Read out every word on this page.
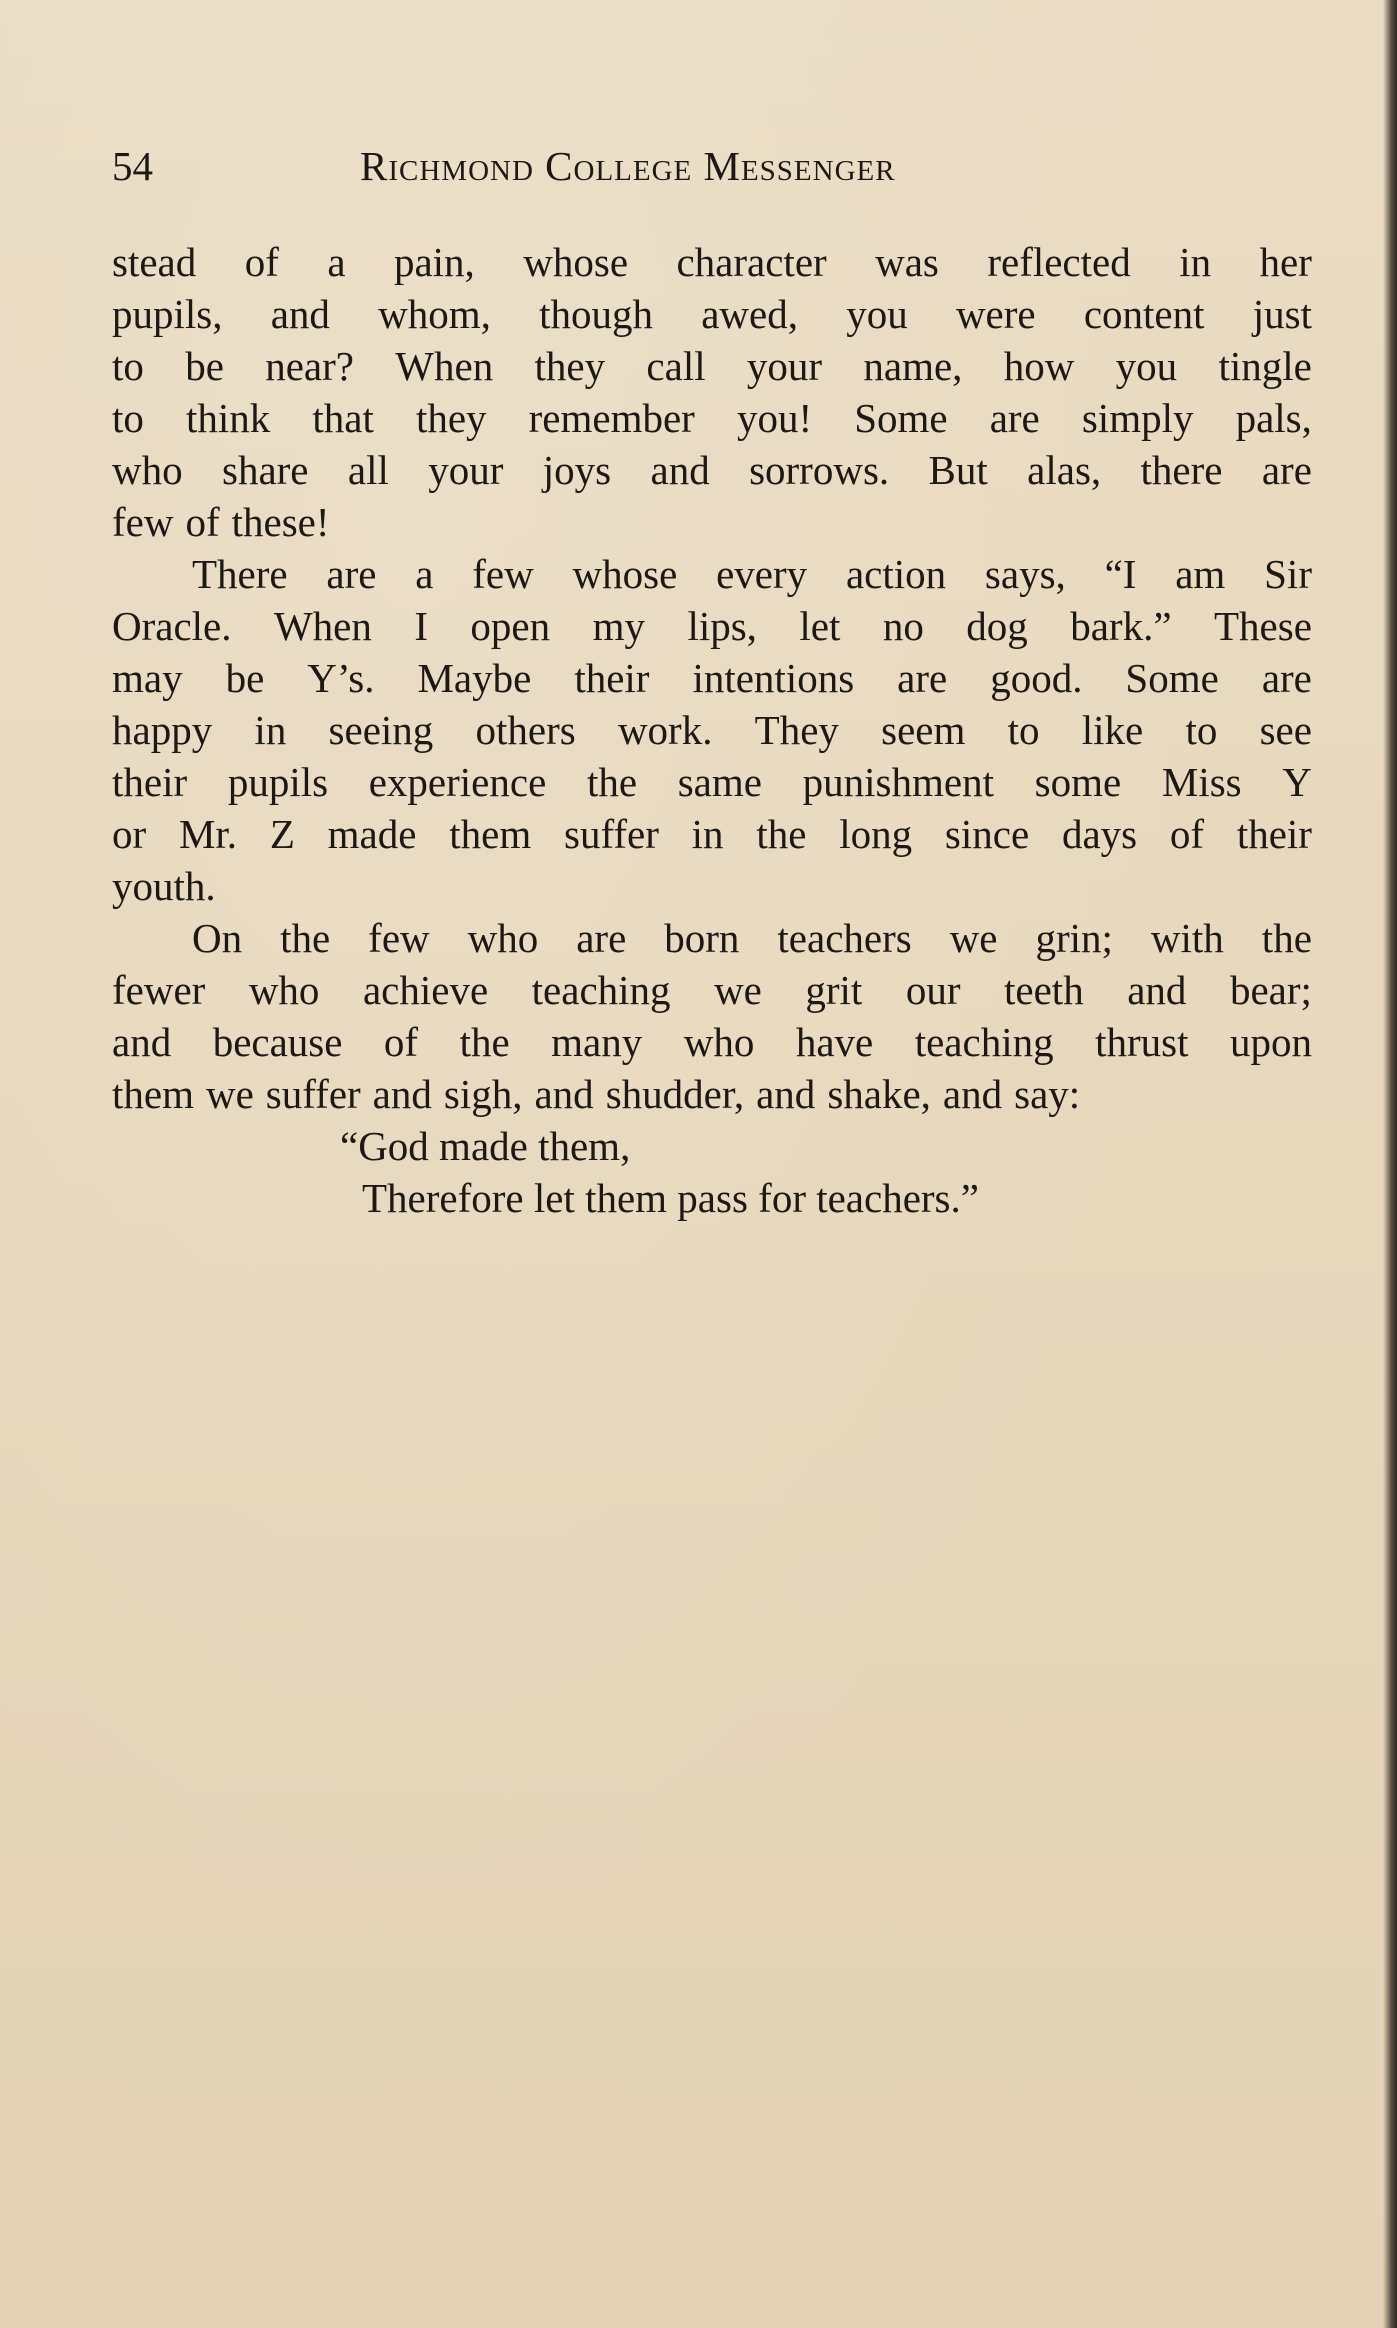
54	Richmond College Messenger
stead of a pain, whose character was reflected in her
pupils, and whom, though awed, you were content just
to be near? When they call your name, how you tingle
to think that they remember you! Some are simply pals,
who share all your joys and sorrows. But alas, there are
few of these!
There are a few whose every action says, “I am Sir
Oracle. When I open my lips, let no dog bark.” These
may be Y’s. Maybe their intentions are good. Some are
happy in seeing others work. They seem to like to see
their pupils experience the same punishment some Miss Y
or Mr. Z made them suffer in the long since days of their
youth.
On the few who are born teachers we grin; with the
fewer who achieve teaching we grit our teeth and bear;
and because of the many who have teaching thrust upon
them we suffer and sigh, and shudder, and shake, and say:
“God made them,
Therefore let them pass for teachers.”
